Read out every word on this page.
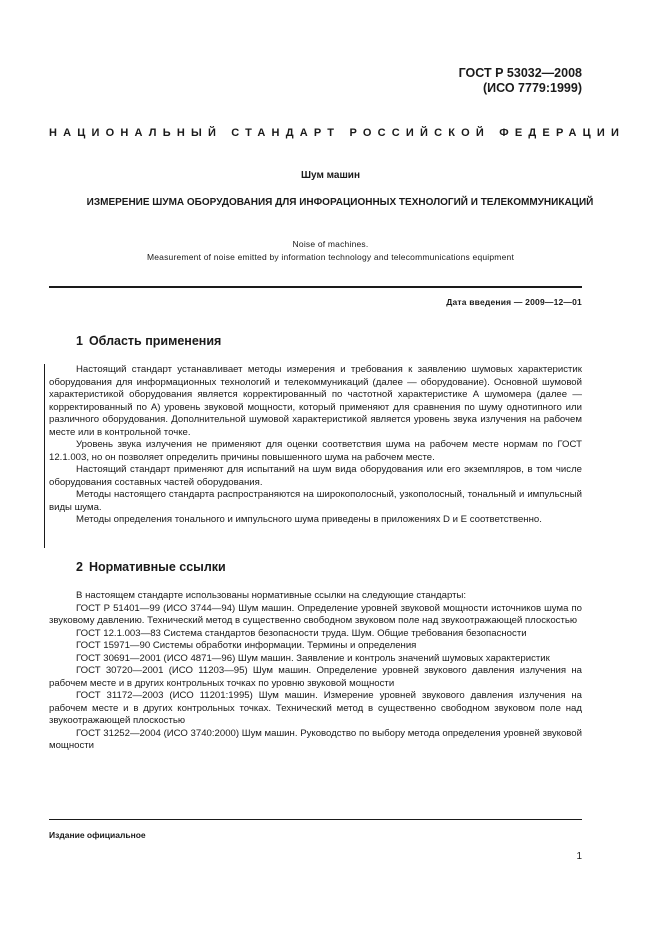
ГОСТ Р 53032—2008
(ИСО 7779:1999)
НАЦИОНАЛЬНЫЙ СТАНДАРТ РОССИЙСКОЙ ФЕДЕРАЦИИ
Шум машин
ИЗМЕРЕНИЕ ШУМА ОБОРУДОВАНИЯ ДЛЯ ИНФОРАЦИОННЫХ ТЕХНОЛОГИЙ И ТЕЛЕКОММУНИКАЦИЙ
Noise of machines.
Measurement of noise emitted by information technology and telecommunications equipment
Дата введения — 2009—12—01
1 Область применения

Настоящий стандарт устанавливает методы измерения и требования к заявлению шумовых характеристик оборудования для информационных технологий и телекоммуникаций (далее — оборудование). Основной шумовой характеристикой оборудования является корректированный по частотной характеристике А шумомера (далее — корректированный по А) уровень звуковой мощности, который применяют для сравнения по шуму однотипного или различного оборудования. Дополнительной шумовой характеристикой является уровень звука излучения на рабочем месте или в контрольной точке.

Уровень звука излучения не применяют для оценки соответствия шума на рабочем месте нормам по ГОСТ 12.1.003, но он позволяет определить причины повышенного шума на рабочем месте.

Настоящий стандарт применяют для испытаний на шум вида оборудования или его экземпляров, в том числе оборудования составных частей оборудования.

Методы настоящего стандарта распространяются на широкополосный, узкополосный, тональный и импульсный виды шума.

Методы определения тонального и импульсного шума приведены в приложениях D и E соответственно.

2 Нормативные ссылки

В настоящем стандарте использованы нормативные ссылки на следующие стандарты:

ГОСТ Р 51401—99 (ИСО 3744—94) Шум машин. Определение уровней звуковой мощности источников шума по звуковому давлению. Технический метод в существенно свободном звуковом поле над звукоотражающей плоскостью

ГОСТ 12.1.003—83 Система стандартов безопасности труда. Шум. Общие требования безопасности

ГОСТ 15971—90 Системы обработки информации. Термины и определения

ГОСТ 30691—2001 (ИСО 4871—96) Шум машин. Заявление и контроль значений шумовых характеристик

ГОСТ 30720—2001 (ИСО 11203—95) Шум машин. Определение уровней звукового давления излучения на рабочем месте и в других контрольных точках по уровню звуковой мощности

ГОСТ 31172—2003 (ИСО 11201:1995) Шум машин. Измерение уровней звукового давления излучения на рабочем месте и в других контрольных точках. Технический метод в существенно свободном звуковом поле над звукоотражающей плоскостью

ГОСТ 31252—2004 (ИСО 3740:2000) Шум машин. Руководство по выбору метода определения уровней звуковой мощности

Издание официальное
1
